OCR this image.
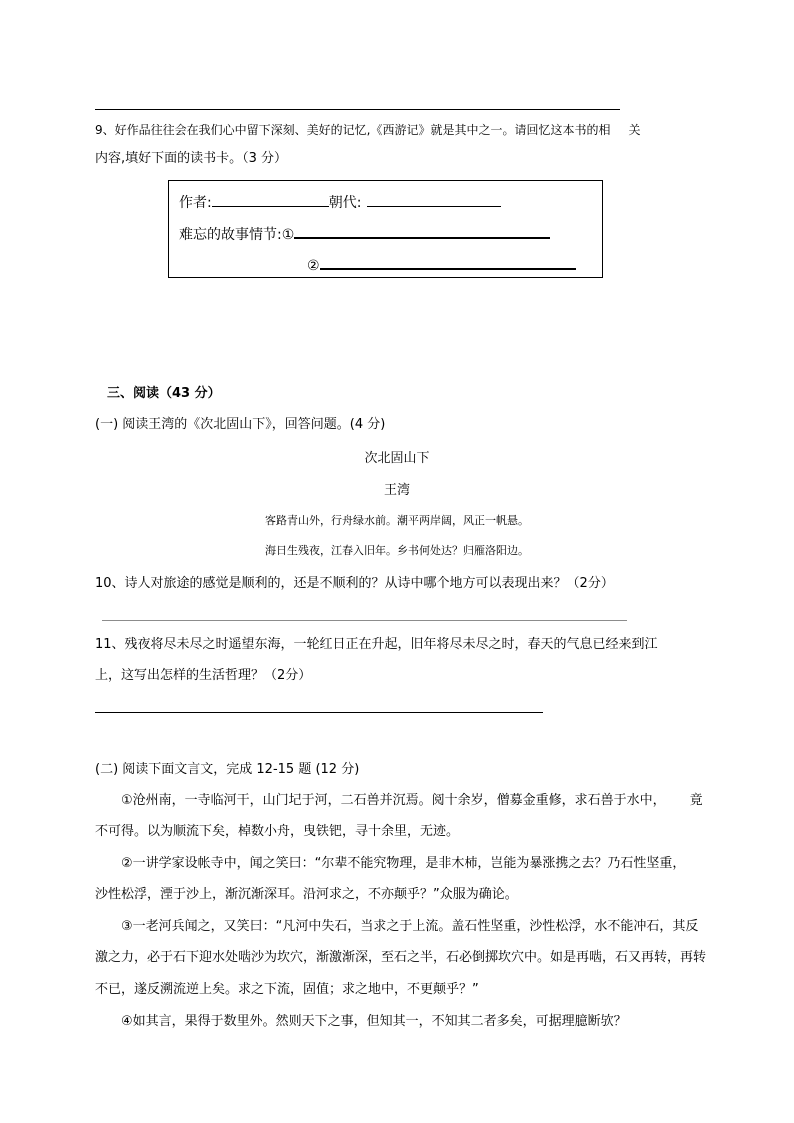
9、好作品往往会在我们心中留下深刻、美好的记忆,《西游记》就是其中之一。请回忆这本书的相 关
内容,填好下面的读书卡。（3 分）
作者:	朝代:
难忘的故事情节:①
②
三、阅读（43 分）
(一) 阅读王湾的《次北固山下》，回答问题。(4 分)
次北固山下
王湾
客路青山外，行舟绿水前。潮平两岸阔，风正一帆悬。
海日生残夜，江春入旧年。乡书何处达？归雁洛阳边。
10、诗人对旅途的感觉是顺利的，还是不顺利的？从诗中哪个地方可以表现出来？（2分）
11、残夜将尽未尽之时遥望东海，一轮红日正在升起，旧年将尽未尽之时，春天的气息已经来到江
上，这写出怎样的生活哲理？（2分）
(二) 阅读下面文言文，完成 12-15 题 (12 分)
①沧州南，一寺临河干，山门圮于河，二石兽并沉焉。阅十余岁，僧募金重修，求石兽于水中， 竟
不可得。以为顺流下矣，棹数小舟，曳铁钯，寻十余里，无迹。
②一讲学家设帐寺中，闻之笑曰：“尔辈不能究物理，是非木杮，岂能为暴涨携之去？乃石性坚重，
沙性松浮，湮于沙上，渐沉渐深耳。沿河求之，不亦颠乎？”众服为确论。
③一老河兵闻之，又笑曰：“凡河中失石，当求之于上流。盖石性坚重，沙性松浮，水不能冲石，其反
激之力，必于石下迎水处啮沙为坎穴，渐激渐深，至石之半，石必倒掷坎穴中。如是再啮，石又再转，再转
不已，遂反溯流逆上矣。求之下流，固值；求之地中，不更颠乎？”
④如其言，果得于数里外。然则天下之事，但知其一，不知其二者多矣，可据理臆断欤？
